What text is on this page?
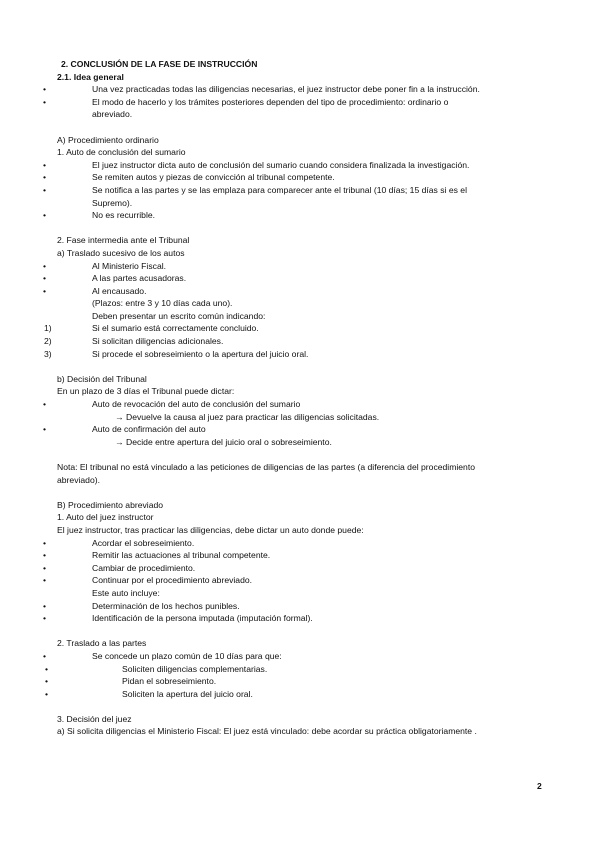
2. CONCLUSIÓN DE LA FASE DE INSTRUCCIÓN
2.1. Idea general
• Una vez practicadas todas las diligencias necesarias, el juez instructor debe poner fin a la instrucción.
• El modo de hacerlo y los trámites posteriores dependen del tipo de procedimiento: ordinario o
abreviado.
A) Procedimiento ordinario
1. Auto de conclusión del sumario
• El juez instructor dicta auto de conclusión del sumario cuando considera finalizada la investigación.
• Se remiten autos y piezas de convicción al tribunal competente.
• Se notifica a las partes y se las emplaza para comparecer ante el tribunal (10 días; 15 días si es el
Supremo).
• No es recurrible.
2. Fase intermedia ante el Tribunal
a) Traslado sucesivo de los autos
• Al Ministerio Fiscal.
• A las partes acusadoras.
• Al encausado.
(Plazos: entre 3 y 10 días cada uno).
Deben presentar un escrito común indicando:
1)	Si el sumario está correctamente concluido.
2)	Si solicitan diligencias adicionales.
3)	Si procede el sobreseimiento o la apertura del juicio oral.
b) Decisión del Tribunal
En un plazo de 3 días el Tribunal puede dictar:
• Auto de revocación del auto de conclusión del sumario
→ Devuelve la causa al juez para practicar las diligencias solicitadas.
• Auto de confirmación del auto
→ Decide entre apertura del juicio oral o sobreseimiento.
Nota: El tribunal no está vinculado a las peticiones de diligencias de las partes (a diferencia del procedimiento
abreviado).
B) Procedimiento abreviado
1. Auto del juez instructor
El juez instructor, tras practicar las diligencias, debe dictar un auto donde puede:
• Acordar el sobreseimiento.
• Remitir las actuaciones al tribunal competente.
• Cambiar de procedimiento.
• Continuar por el procedimiento abreviado.
Este auto incluye:
• Determinación de los hechos punibles.
• Identificación de la persona imputada (imputación formal).
2. Traslado a las partes
• Se concede un plazo común de 10 días para que:
• Soliciten diligencias complementarias.
• Pidan el sobreseimiento.
• Soliciten la apertura del juicio oral.
3. Decisión del juez
a) Si solicita diligencias el Ministerio Fiscal: El juez está vinculado: debe acordar su práctica obligatoriamente .
2
